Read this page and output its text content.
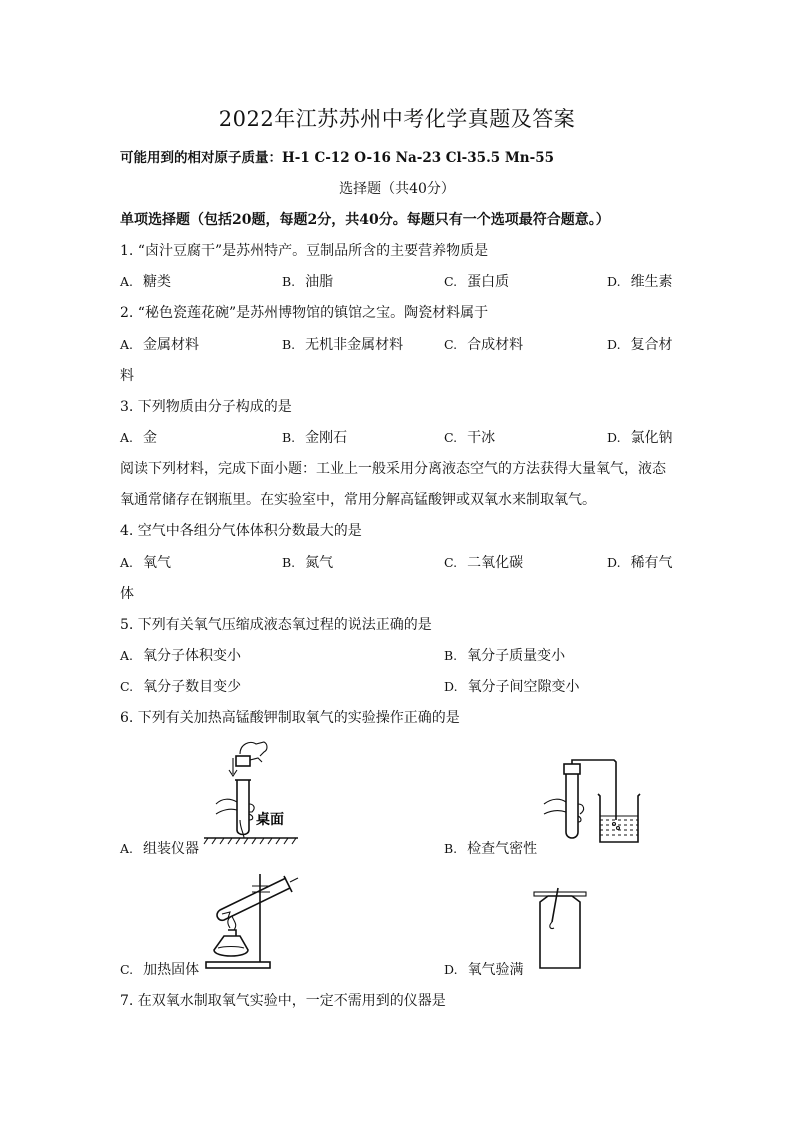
2022年江苏苏州中考化学真题及答案
可能用到的相对原子质量：H-1 C-12 O-16 Na-23 Cl-35.5 Mn-55
选择题（共40分）
单项选择题（包括20题，每题2分，共40分。每题只有一个选项最符合题意。）
1. “卤汁豆腐干”是苏州特产。豆制品所含的主要营养物质是
A. 糖类	B. 油脂	C. 蛋白质	D. 维生素
2. “秘色瓷莲花碗”是苏州博物馆的镇馆之宝。陶瓷材料属于
A. 金属材料	B. 无机非金属材料	C. 合成材料	D. 复合材
料
3. 下列物质由分子构成的是
A. 金	B. 金刚石	C. 干冰	D. 氯化钠
阅读下列材料，完成下面小题：工业上一般采用分离液态空气的方法获得大量氧气，液态
氧通常储存在钢瓶里。在实验室中，常用分解高锰酸钾或双氧水来制取氧气。
4. 空气中各组分气体体积分数最大的是
A. 氧气	B. 氮气	C. 二氧化碳	D. 稀有气
体
5. 下列有关氧气压缩成液态氧过程的说法正确的是
A. 氧分子体积变小	B. 氧分子质量变小
C. 氧分子数目变少	D. 氧分子间空隙变小
6. 下列有关加热高锰酸钾制取氧气的实验操作正确的是
桌面
A. 组装仪器	B. 检查气密性
C. 加热固体	D. 氧气验满
7. 在双氧水制取氧气实验中，一定不需用到的仪器是
